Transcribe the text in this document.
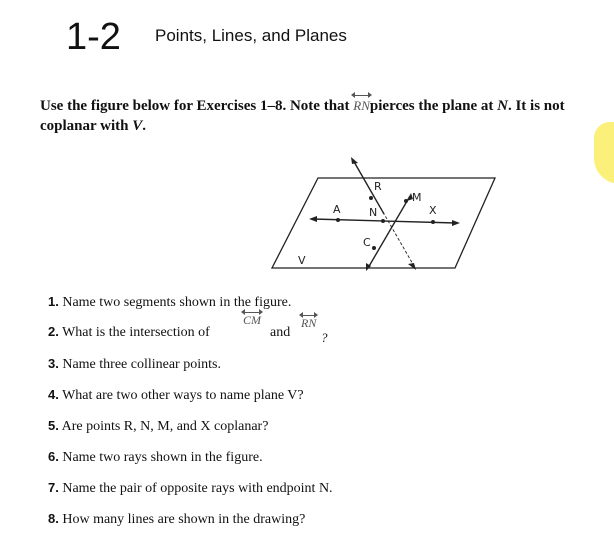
1-2 Points, Lines, and Planes
Use the figure below for Exercises 1–8. Note that
RNpierces the plane at N. It is not coplanar with V.
R
M
A	N	X
C
V
1. Name two segments shown in the figure.
2. What is the intersection of
CM
and
RN
?
3. Name three collinear points.
4. What are two other ways to name plane V?
5. Are points R, N, M, and X coplanar?
6. Name two rays shown in the figure.
7. Name the pair of opposite rays with endpoint N.
8. How many lines are shown in the drawing?
